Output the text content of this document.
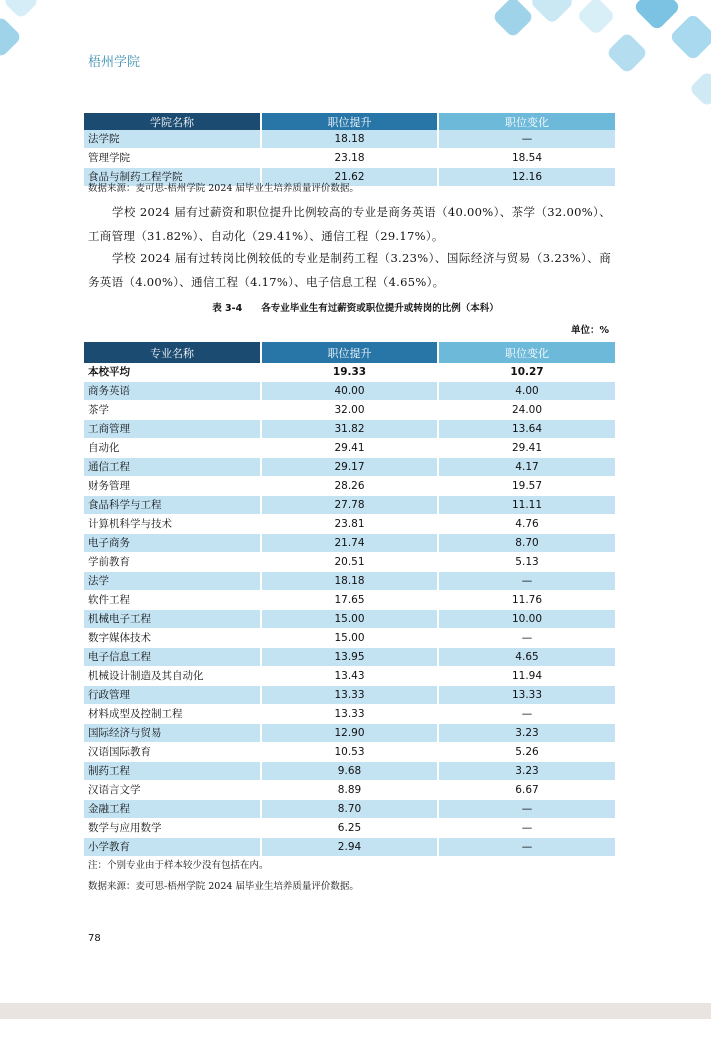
梧州学院
学院名称	职位提升	职位变化
法学院	18.18	—
管理学院	23.18	18.54
食品与制药工程学院	21.62	12.16
数据来源：麦可思-梧州学院 2024 届毕业生培养质量评价数据。

学校 2024 届有过薪资和职位提升比例较高的专业是商务英语（40.00%）、茶学（32.00%）、工商管理（31.82%）、自动化（29.41%）、通信工程（29.17%）。

学校 2024 届有过转岗比例较低的专业是制药工程（3.23%）、国际经济与贸易（3.23%）、商务英语（4.00%）、通信工程（4.17%）、电子信息工程（4.65%）。

表 3-4　　各专业毕业生有过薪资或职位提升或转岗的比例（本科）
单位：%
专业名称	职位提升	职位变化
本校平均	19.33	10.27
商务英语	40.00	4.00
茶学	32.00	24.00
工商管理	31.82	13.64
自动化	29.41	29.41
通信工程	29.17	4.17
财务管理	28.26	19.57
食品科学与工程	27.78	11.11
计算机科学与技术	23.81	4.76
电子商务	21.74	8.70
学前教育	20.51	5.13
法学	18.18	—
软件工程	17.65	11.76
机械电子工程	15.00	10.00
数字媒体技术	15.00	—
电子信息工程	13.95	4.65
机械设计制造及其自动化	13.43	11.94
行政管理	13.33	13.33
材料成型及控制工程	13.33	—
国际经济与贸易	12.90	3.23
汉语国际教育	10.53	5.26
制药工程	9.68	3.23
汉语言文学	8.89	6.67
金融工程	8.70	—
数学与应用数学	6.25	—
小学教育	2.94	—
注：个别专业由于样本较少没有包括在内。
数据来源：麦可思-梧州学院 2024 届毕业生培养质量评价数据。
78
